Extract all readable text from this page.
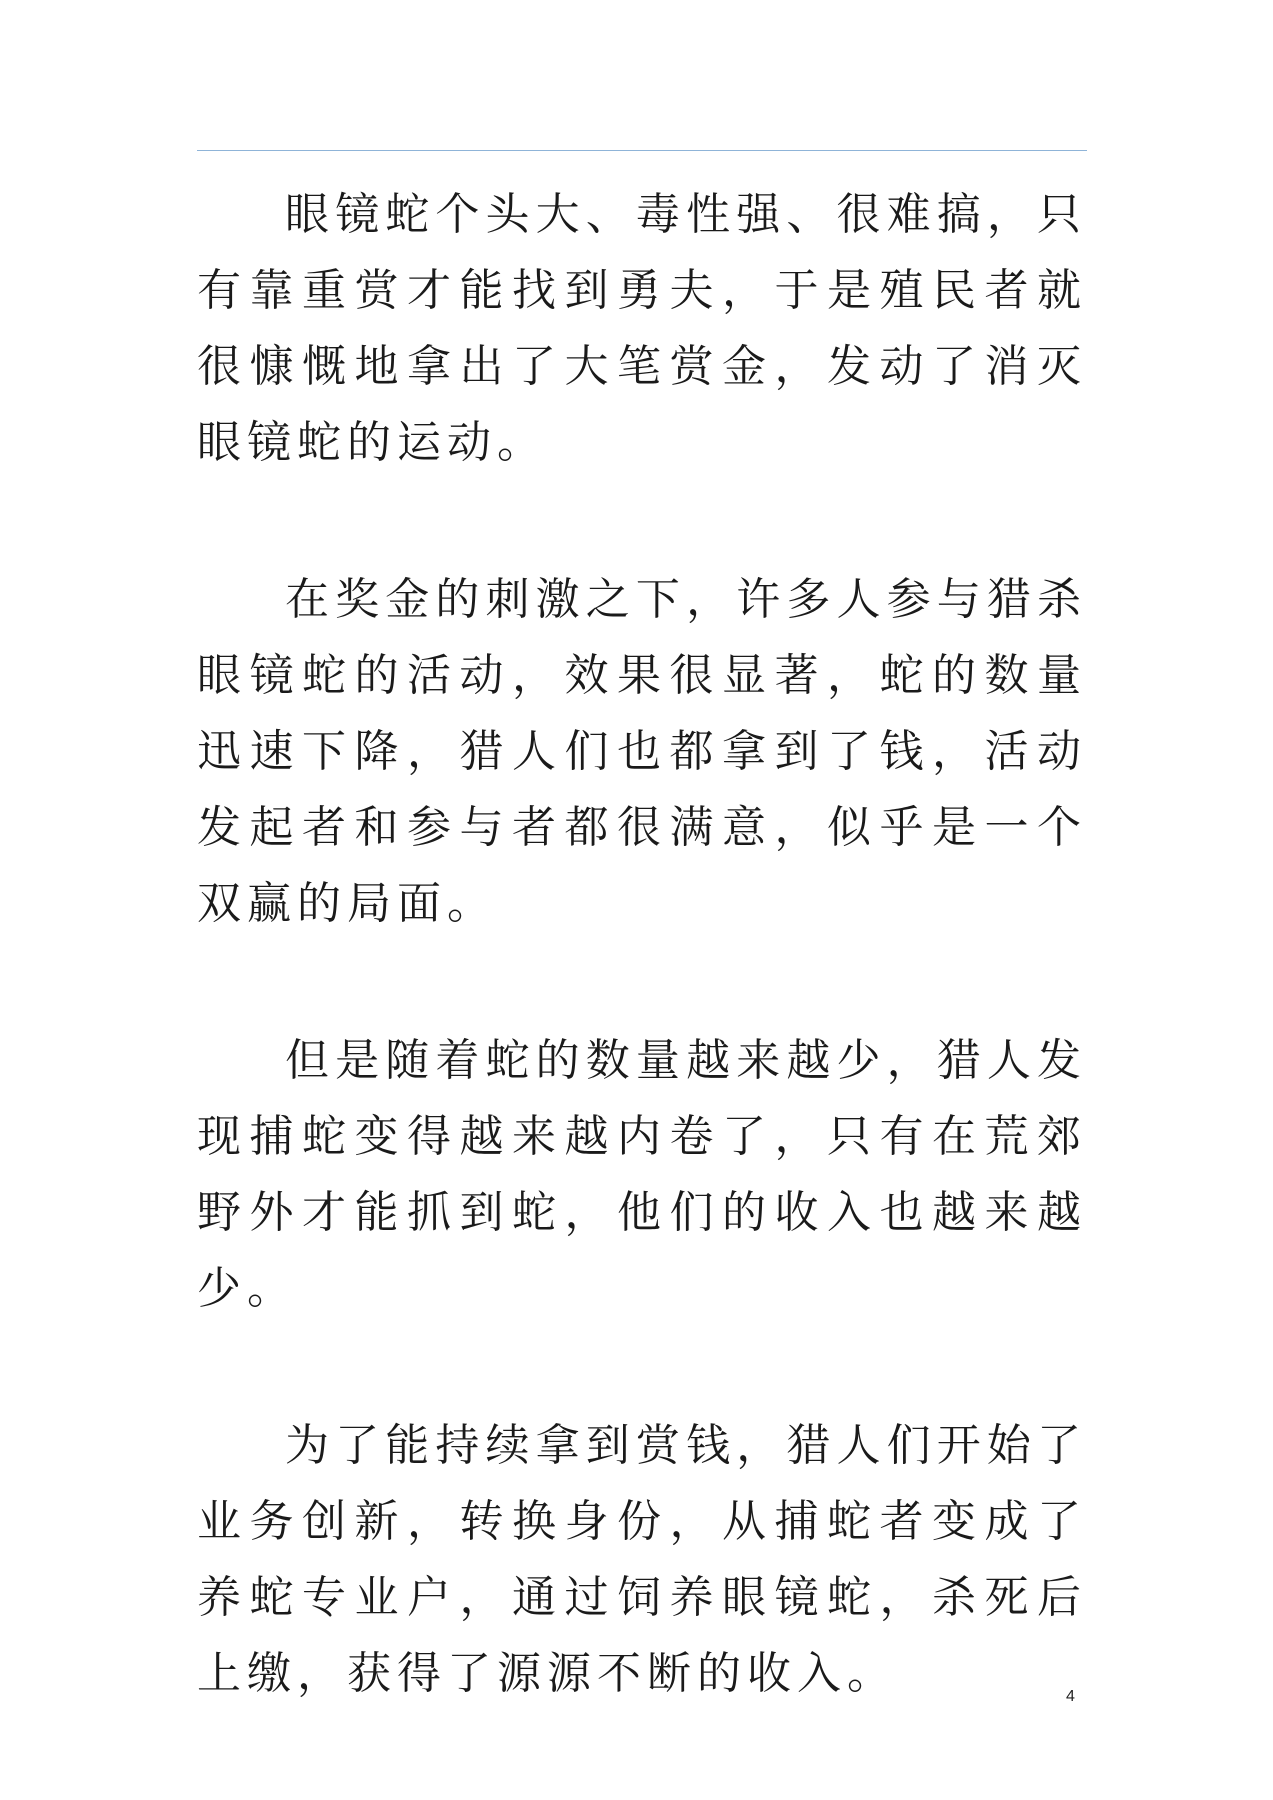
眼镜蛇个头大、毒性强、很难搞，只有靠重赏才能找到勇夫，于是殖民者就很慷慨地拿出了大笔赏金，发动了消灭眼镜蛇的运动。

在奖金的刺激之下，许多人参与猎杀眼镜蛇的活动，效果很显著，蛇的数量迅速下降，猎人们也都拿到了钱，活动发起者和参与者都很满意，似乎是一个双赢的局面。

但是随着蛇的数量越来越少，猎人发现捕蛇变得越来越内卷了，只有在荒郊野外才能抓到蛇，他们的收入也越来越少。

为了能持续拿到赏钱，猎人们开始了业务创新，转换身份，从捕蛇者变成了养蛇专业户，通过饲养眼镜蛇，杀死后上缴，获得了源源不断的收入。	4
